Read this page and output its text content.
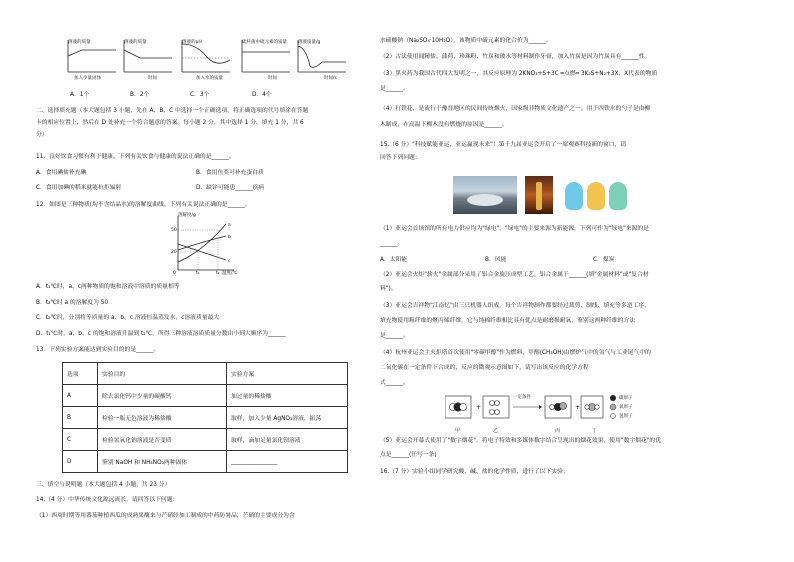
溶液的质量	溶液的质量	溶液的pH	硫杆菌中硫元素的质量 溶液质量/g
加入少量固体	时间	加入水的质量	时间	时间/s
A．1个	B．2个	C．3个	D．4个
二、选择填充题（本大题包括 3 小题，先在 A、B、C 中选择一个正确选项，将正确选项的代号填涂在答题
卡的相应位置上，然后在 D 处补充一个符合题意的答案。每小题 2 分，其中选择 1 分，填充 1 分，共 6
分）
11．良好饮食习惯有利于健康。下列有关饮食与健康的说法正确的是______。
A．食用碘盐补充碘	B．食用鱼类可补充蛋白质
C．食用加碘的稻米就能抗拒辐射	D．缺锌可能患______疾病
12．如图是三种物质(均不含结晶水)的溶解度曲线。下列有关说法正确的是______。
溶解度/g
50
20
0	t₁	t₂ 温度/℃
a
b
c
A．t₁℃时，a、c两种物质的饱和溶液中溶质的质量相等
B．t₂℃时 a 的溶解度为 50
C．t₂℃时，分别将等质量的 a、b、c 溶液恒温蒸发水，c溶液质量最大
D．t₁℃时，a、b、c 的饱和溶液升温到 t₂℃，所得三种溶液溶质质量分数由小到大顺序为______
13．下列实验方案能达到实验目的的是______。
选项	实验目的	实验方案
A	除去氯化钙中少量的碳酸钙	加过量的稀盐酸
B	检验一瓶无色溶液为稀盐酸	取样，加入少量 AgNO₃溶液，振荡
C	检验氢氧化钠溶液是否变质	取样，滴加足量氯化钡溶液
D	鉴别 NaOH 和 NH₄NO₃两种固体	________________
三、填空与说明题（本大题包括 4 小题，共 23 分）
14.（4 分）中华传统文化源远流长，请回答以下问题：
（1）西周时期等用番茄种植西瓜的成熟果酶来与芒硝经加工制成的中药防暑品，芒硝的主要成分为含
水硫酸钠（Na₂SO₄·10H₂O），该物质中硫元素的化合价为______。
（2）古法使用闻精盐、蒲荷、珍珠粉、竹炭和玻水等材料制作牙膏，加入竹炭是因为竹炭具有______性。
（3）黑火药为我国古代四大发明之一，其反应原理为 2KNO₃+S+3C ═点燃═ 3K₂S+N₂+3X，X代表的物质
是______。
（4）打铁花，是流行于豫晋地区的民间传统烟火，国家级非物质文化遗产之一。用于四铁水的勺子是由柳
木制成，在高温下柳木没有燃烧的原因是______。
15.（6 分）"科技赋能亚运，亚运赢现未来"！第十九届亚运会开启了一席观赛科技新的窗口，请
回答下列问题：
（1）亚运会首场馆的所有电力供应均为"绿电"，"绿电"的主要来源为新能源，下列可作为"绿电"来源的是
______。
A．太阳能	B．风能	C．煤炭
（2）亚运会火炬"薪火"金属部分采用了铝合金旋压成型工艺，铝合金属于______(填"金属材料"或"复合材
料")。
（3）亚运会吉祥物"江南忆"由三只机器人组成，每个吉祥物制作都要经过裁剪、制线、填充等多道工序，
填充物使用粗纤维的聚丙烯纤维，它与纯棉纤维相比具有优点是耐磨损耐氧，鉴别这两种纤维的方法
是______。
（4）杭州亚运会主火炬塔首次使用"零碳甲醇"作为燃料，甲醇(CH₃OH)由燃炉气中的氢气与工业尾气中的
二氧化碳在一定条件下合成的，反应的微观示意图如下，请写出该反应的化学方程
式______。
+	+
一定条件
甲	乙	丙	丁
碳原子
氧原子
氢原子
（5）亚运会开幕式使用了"数字烟花"，将电子特效和多媒体数字结合呈现出的烟花效果，使用"数字烟花"的优
点是______(任写一条)
16.（7 分）实验小组同学研究酸、碱、盐的化学性质，进行了以下实验：
